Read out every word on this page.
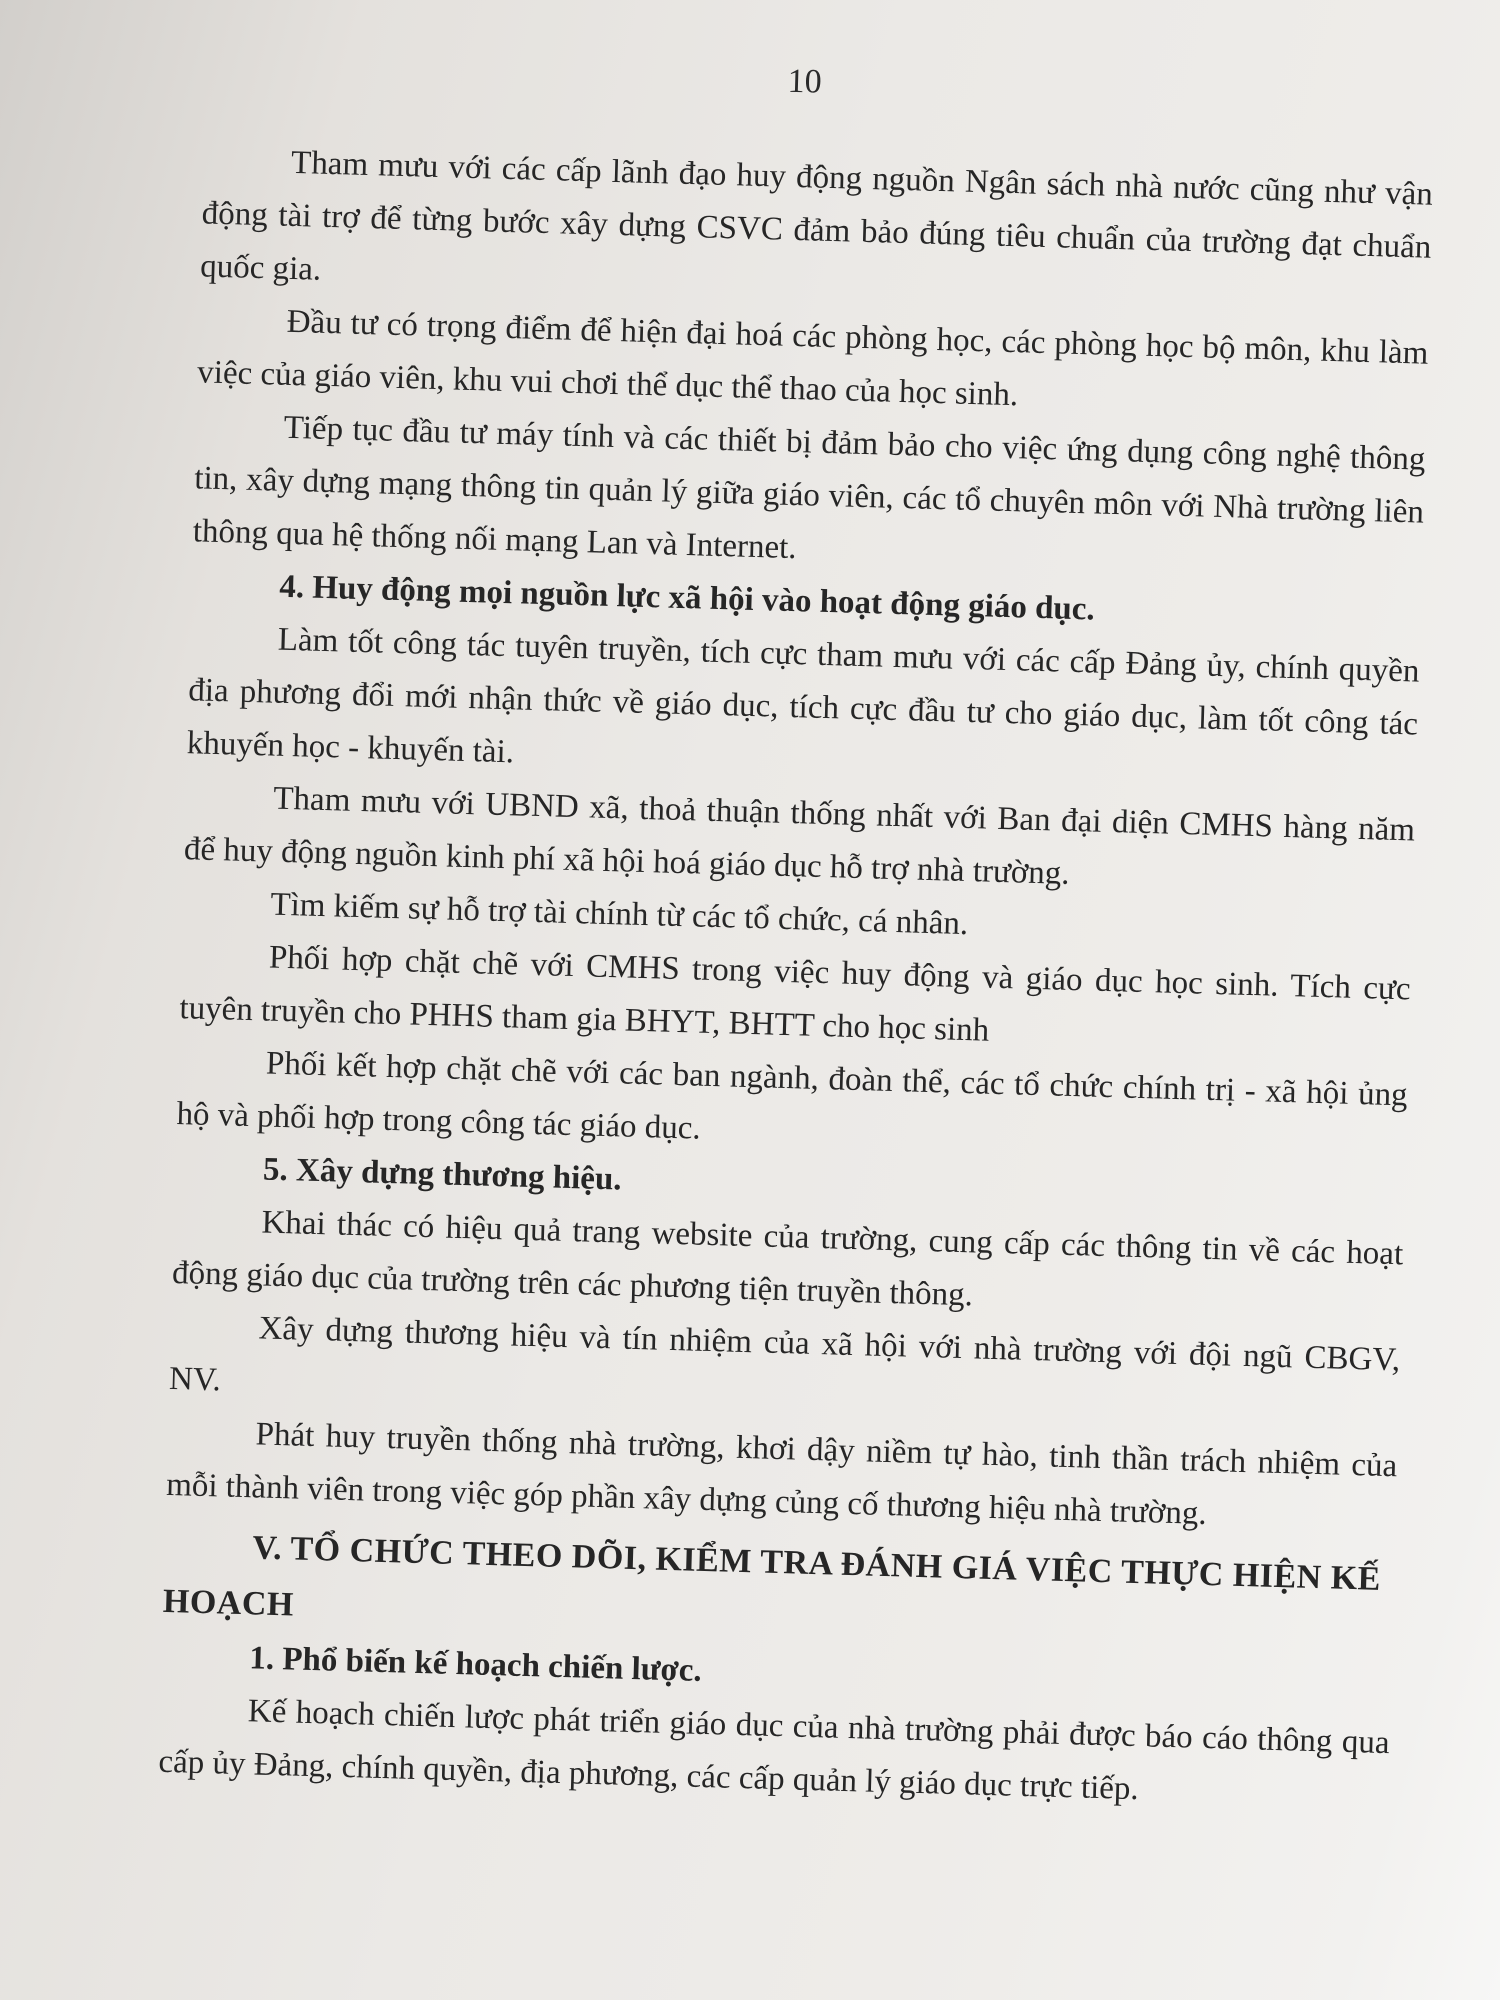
10

Tham mưu với các cấp lãnh đạo huy động nguồn Ngân sách nhà nước cũng như vận động tài trợ để từng bước xây dựng CSVC đảm bảo đúng tiêu chuẩn của trường đạt chuẩn quốc gia.

Đầu tư có trọng điểm để hiện đại hoá các phòng học, các phòng học bộ môn, khu làm việc của giáo viên, khu vui chơi thể dục thể thao của học sinh.

Tiếp tục đầu tư máy tính và các thiết bị đảm bảo cho việc ứng dụng công nghệ thông tin, xây dựng mạng thông tin quản lý giữa giáo viên, các tổ chuyên môn với Nhà trường liên thông qua hệ thống nối mạng Lan và Internet.

4. Huy động mọi nguồn lực xã hội vào hoạt động giáo dục.

Làm tốt công tác tuyên truyền, tích cực tham mưu với các cấp Đảng ủy, chính quyền địa phương đổi mới nhận thức về giáo dục, tích cực đầu tư cho giáo dục, làm tốt công tác khuyến học - khuyến tài.

Tham mưu với UBND xã, thoả thuận thống nhất với Ban đại diện CMHS hàng năm để huy động nguồn kinh phí xã hội hoá giáo dục hỗ trợ nhà trường.

Tìm kiếm sự hỗ trợ tài chính từ các tổ chức, cá nhân.

Phối hợp chặt chẽ với CMHS trong việc huy động và giáo dục học sinh. Tích cực tuyên truyền cho PHHS tham gia BHYT, BHTT cho học sinh

Phối kết hợp chặt chẽ với các ban ngành, đoàn thể, các tổ chức chính trị - xã hội ủng hộ và phối hợp trong công tác giáo dục.

5. Xây dựng thương hiệu.

Khai thác có hiệu quả trang website của trường, cung cấp các thông tin về các hoạt động giáo dục của trường trên các phương tiện truyền thông.

Xây dựng thương hiệu và tín nhiệm của xã hội với nhà trường với đội ngũ CBGV, NV.

Phát huy truyền thống nhà trường, khơi dậy niềm tự hào, tinh thần trách nhiệm của mỗi thành viên trong việc góp phần xây dựng củng cố thương hiệu nhà trường.

V. TỔ CHỨC THEO DÕI, KIỂM TRA ĐÁNH GIÁ VIỆC THỰC HIỆN KẾ HOẠCH

1. Phổ biến kế hoạch chiến lược.

Kế hoạch chiến lược phát triển giáo dục của nhà trường phải được báo cáo thông qua cấp ủy Đảng, chính quyền, địa phương, các cấp quản lý giáo dục trực tiếp.
